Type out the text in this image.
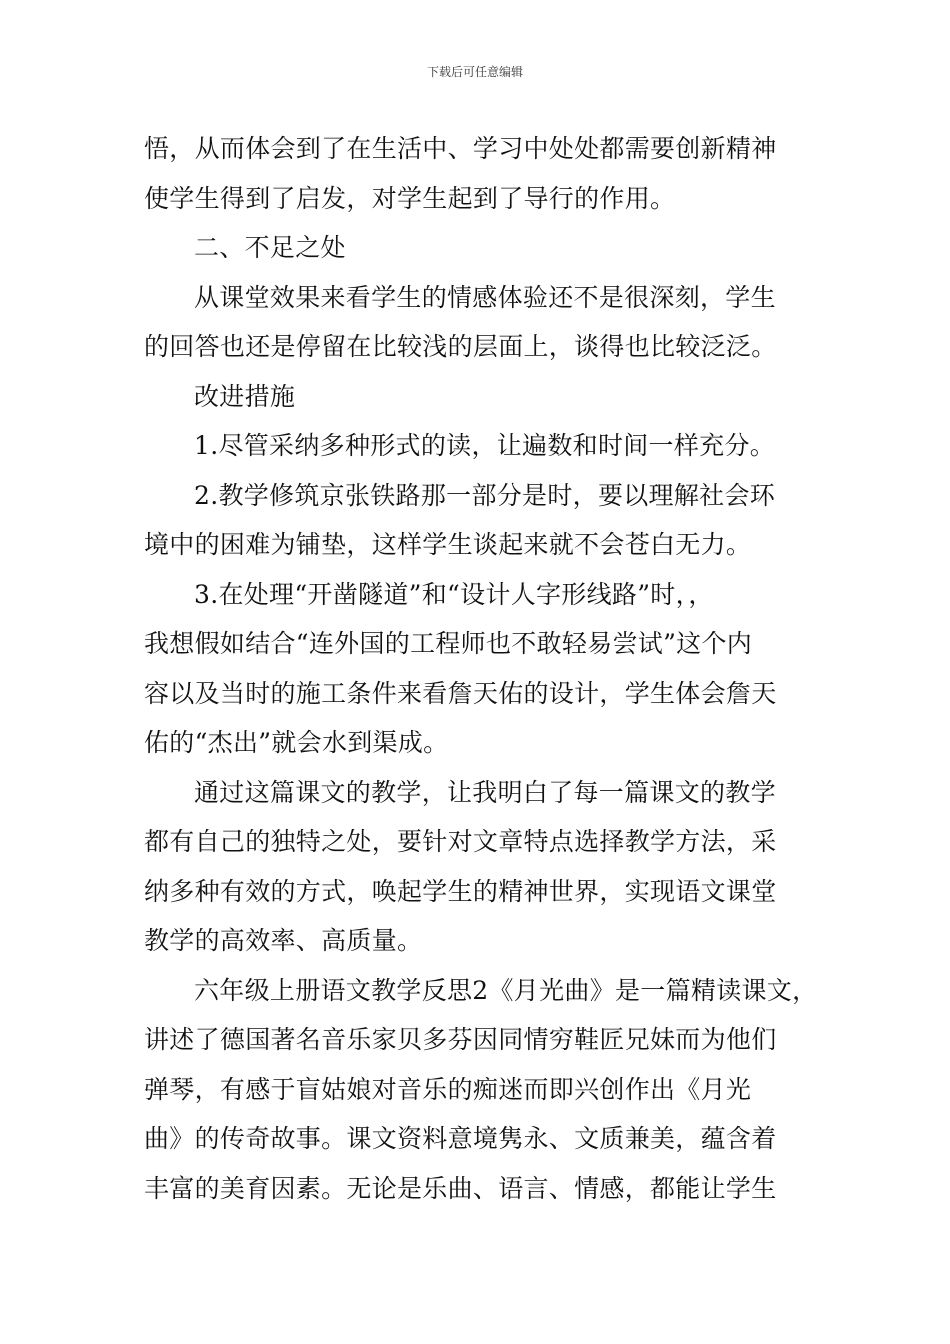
下载后可任意编辑
悟，从而体会到了在生活中、学习中处处都需要创新精神
使学生得到了启发，对学生起到了导行的作用。
二、不足之处
从课堂效果来看学生的情感体验还不是很深刻，学生
的回答也还是停留在比较浅的层面上，谈得也比较泛泛。
改进措施
1.尽管采纳多种形式的读，让遍数和时间一样充分。
2.教学修筑京张铁路那一部分是时，要以理解社会环
境中的困难为铺垫，这样学生谈起来就不会苍白无力。
3.在处理“开凿隧道”和“设计人字形线路”时，，
我想假如结合“连外国的工程师也不敢轻易尝试”这个内
容以及当时的施工条件来看詹天佑的设计，学生体会詹天
佑的“杰出”就会水到渠成。
通过这篇课文的教学，让我明白了每一篇课文的教学
都有自己的独特之处，要针对文章特点选择教学方法，采
纳多种有效的方式，唤起学生的精神世界，实现语文课堂
教学的高效率、高质量。
六年级上册语文教学反思2《月光曲》是一篇精读课文，
讲述了德国著名音乐家贝多芬因同情穷鞋匠兄妹而为他们
弹琴，有感于盲姑娘对音乐的痴迷而即兴创作出《月光
曲》的传奇故事。课文资料意境隽永、文质兼美，蕴含着
丰富的美育因素。无论是乐曲、语言、情感，都能让学生
